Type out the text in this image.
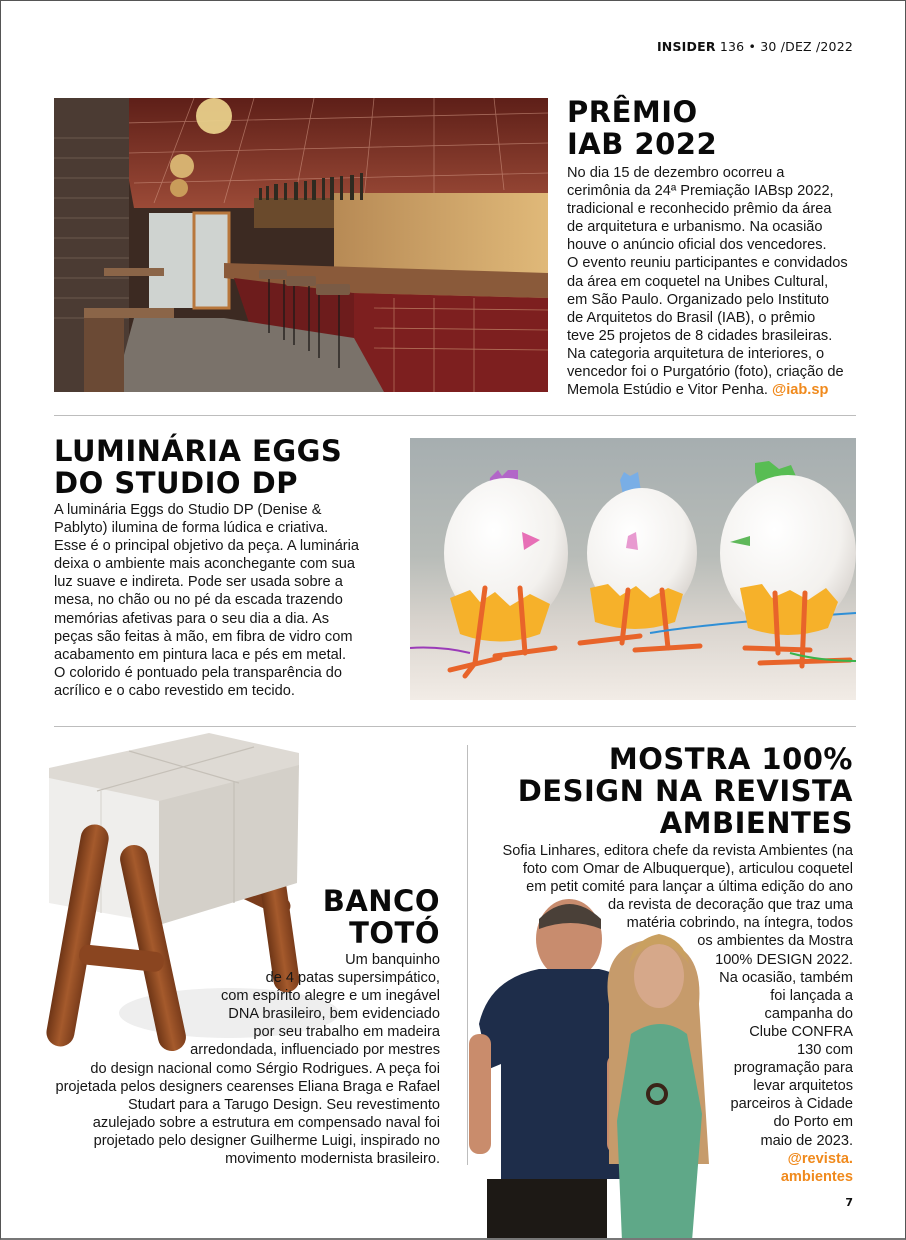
INSIDER 136 • 30 /DEZ /2022
PRÊMIO
IAB 2022
No dia 15 de dezembro ocorreu a
cerimônia da 24ª Premiação IABsp 2022,
tradicional e reconhecido prêmio da área
de arquitetura e urbanismo. Na ocasião
houve o anúncio oficial dos vencedores.
O evento reuniu participantes e convidados
da área em coquetel na Unibes Cultural,
em São Paulo. Organizado pelo Instituto
de Arquitetos do Brasil (IAB), o prêmio
teve 25 projetos de 8 cidades brasileiras.
Na categoria arquitetura de interiores, o
vencedor foi o Purgatório (foto), criação de
Memola Estúdio e Vitor Penha. @iab.sp
LUMINÁRIA EGGS
DO STUDIO DP
A luminária Eggs do Studio DP (Denise &
Pablyto) ilumina de forma lúdica e criativa.
Esse é o principal objetivo da peça. A luminária
deixa o ambiente mais aconchegante com sua
luz suave e indireta. Pode ser usada sobre a
mesa, no chão ou no pé da escada trazendo
memórias afetivas para o seu dia a dia. As
peças são feitas à mão, em fibra de vidro com
acabamento em pintura laca e pés em metal.
O colorido é pontuado pela transparência do
acrílico e o cabo revestido em tecido.
BANCO
TOTÓ
Um banquinho
de 4 patas supersimpático,
com espírito alegre e um inegável
DNA brasileiro, bem evidenciado
por seu trabalho em madeira
arredondada, influenciado por mestres
do design nacional como Sérgio Rodrigues. A peça foi
projetada pelos designers cearenses Eliana Braga e Rafael
Studart para a Tarugo Design. Seu revestimento
azulejado sobre a estrutura em compensado naval foi
projetado pelo designer Guilherme Luigi, inspirado no
movimento modernista brasileiro.
MOSTRA 100%
DESIGN NA REVISTA
AMBIENTES
Sofia Linhares, editora chefe da revista Ambientes (na
foto com Omar de Albuquerque), articulou coquetel
em petit comité para lançar a última edição do ano
da revista de decoração que traz uma
matéria cobrindo, na íntegra, todos
os ambientes da Mostra
100% DESIGN 2022.
Na ocasião, também
foi lançada a
campanha do
Clube CONFRA
130 com
programação para
levar arquitetos
parceiros à Cidade
do Porto em
maio de 2023.
@revista.
ambientes
7
